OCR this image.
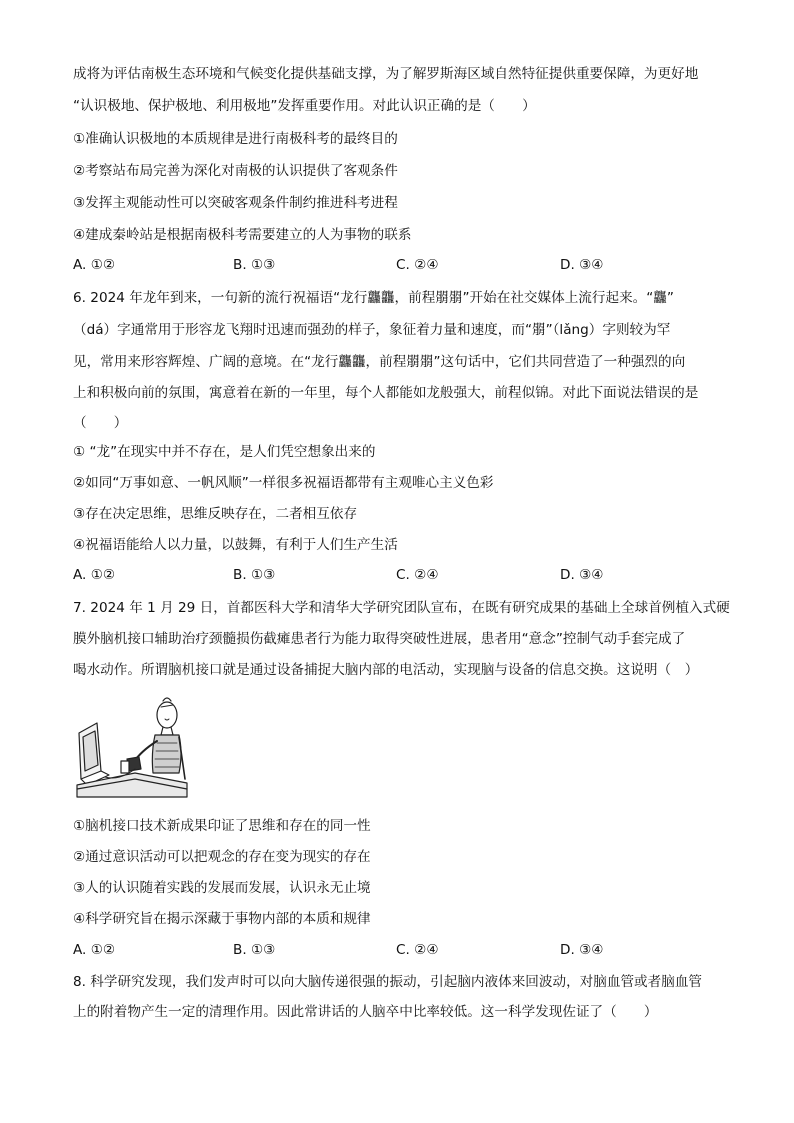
成将为评估南极生态环境和气候变化提供基础支撑，为了解罗斯海区域自然特征提供重要保障，为更好地
“认识极地、保护极地、利用极地”发挥重要作用。对此认识正确的是（　　）
①准确认识极地的本质规律是进行南极科考的最终目的
②考察站布局完善为深化对南极的认识提供了客观条件
③发挥主观能动性可以突破客观条件制约推进科考进程
④建成秦岭站是根据南极科考需要建立的人为事物的联系
A. ①②	B. ①③	C. ②④	D. ③④
6. 2024 年龙年到来，一句新的流行祝福语“龙行龘龘，前程朤朤”开始在社交媒体上流行起来。“龘”
（dá）字通常用于形容龙飞翔时迅速而强劲的样子，象征着力量和速度，而“朤”（lǎng）字则较为罕
见，常用来形容辉煌、广阔的意境。在“龙行龘龘，前程朤朤”这句话中，它们共同营造了一种强烈的向
上和积极向前的氛围，寓意着在新的一年里，每个人都能如龙般强大，前程似锦。对此下面说法错误的是
（　　）
① “龙”在现实中并不存在，是人们凭空想象出来的
②如同“万事如意、一帆风顺”一样很多祝福语都带有主观唯心主义色彩
③存在决定思维，思维反映存在，二者相互依存
④祝福语能给人以力量，以鼓舞，有利于人们生产生活
A. ①②	B. ①③	C. ②④	D. ③④
7. 2024 年 1 月 29 日，首都医科大学和清华大学研究团队宣布，在既有研究成果的基础上全球首例植入式硬
膜外脑机接口辅助治疗颈髓损伤截瘫患者行为能力取得突破性进展，患者用“意念”控制气动手套完成了
喝水动作。所谓脑机接口就是通过设备捕捉大脑内部的电活动，实现脑与设备的信息交换。这说明（　）
①脑机接口技术新成果印证了思维和存在的同一性
②通过意识活动可以把观念的存在变为现实的存在
③人的认识随着实践的发展而发展，认识永无止境
④科学研究旨在揭示深藏于事物内部的本质和规律
A. ①②	B. ①③	C. ②④	D. ③④
8. 科学研究发现，我们发声时可以向大脑传递很强的振动，引起脑内液体来回波动，对脑血管或者脑血管
上的附着物产生一定的清理作用。因此常讲话的人脑卒中比率较低。这一科学发现佐证了（　　）
